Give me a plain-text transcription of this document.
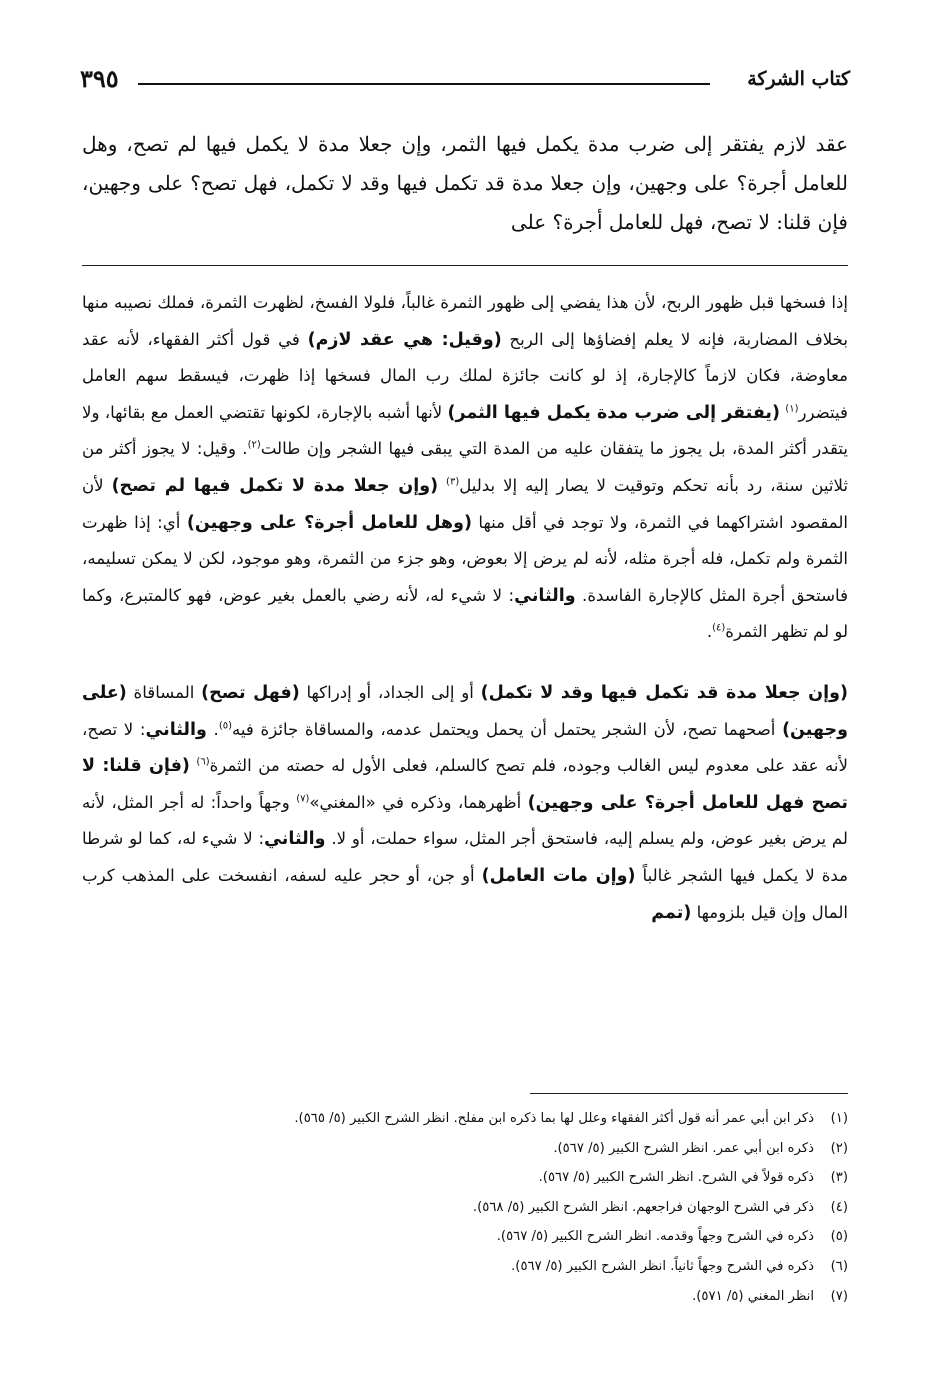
كتاب الشركة
٣٩٥

عقد لازم يفتقر إلى ضرب مدة يكمل فيها الثمر، وإن جعلا مدة لا يكمل فيها لم تصح، وهل للعامل أجرة؟ على وجهين، وإن جعلا مدة قد تكمل فيها وقد لا تكمل، فهل تصح؟ على وجهين، فإن قلنا: لا تصح، فهل للعامل أجرة؟ على

إذا فسخها قبل ظهور الربح، لأن هذا يفضي إلى ظهور الثمرة غالباً، فلولا الفسخ، لظهرت الثمرة، فملك نصيبه منها بخلاف المضاربة، فإنه لا يعلم إفضاؤها إلى الربح (وقيل: هي عقد لازم) في قول أكثر الفقهاء، لأنه عقد معاوضة، فكان لازماً كالإجارة، إذ لو كانت جائزة لملك رب المال فسخها إذا ظهرت، فيسقط سهم العامل فيتضرر$^{(١)}$ (يفتقر إلى ضرب مدة يكمل فيها الثمر) لأنها أشبه بالإجارة، لكونها تقتضي العمل مع بقائها، ولا يتقدر أكثر المدة، بل يجوز ما يتفقان عليه من المدة التي يبقى فيها الشجر وإن طالت$^{(٢)}$. وقيل: لا يجوز أكثر من ثلاثين سنة، رد بأنه تحكم وتوقيت لا يصار إليه إلا بدليل$^{(٣)}$ (وإن جعلا مدة لا تكمل فيها لم تصح) لأن المقصود اشتراكهما في الثمرة، ولا توجد في أقل منها (وهل للعامل أجرة؟ على وجهين) أي: إذا ظهرت الثمرة ولم تكمل، فله أجرة مثله، لأنه لم يرض إلا بعوض، وهو جزء من الثمرة، وهو موجود، لكن لا يمكن تسليمه، فاستحق أجرة المثل كالإجارة الفاسدة. والثاني: لا شيء له، لأنه رضي بالعمل بغير عوض، فهو كالمتبرع، وكما لو لم تظهر الثمرة$^{(٤)}$.

(وإن جعلا مدة قد تكمل فيها وقد لا تكمل) أو إلى الجداد، أو إدراكها (فهل تصح) المساقاة (على وجهين) أصحهما تصح، لأن الشجر يحتمل أن يحمل ويحتمل عدمه، والمساقاة جائزة فيه$^{(٥)}$. والثاني: لا تصح، لأنه عقد على معدوم ليس الغالب وجوده، فلم تصح كالسلم، فعلى الأول له حصته من الثمرة$^{(٦)}$ (فإن قلنا: لا تصح فهل للعامل أجرة؟ على وجهين) أظهرهما، وذكره في «المغني»$^{(٧)}$ وجهاً واحداً: له أجر المثل، لأنه لم يرض بغير عوض، ولم يسلم إليه، فاستحق أجر المثل، سواء حملت، أو لا. والثاني: لا شيء له، كما لو شرطا مدة لا يكمل فيها الشجر غالباً (وإن مات العامل) أو جن، أو حجر عليه لسفه، انفسخت على المذهب كرب المال وإن قيل بلزومها (تمم

(١)ذكر ابن أبي عمر أنه قول أكثر الفقهاء وعلل لها بما ذكره ابن مفلح. انظر الشرح الكبير (٥/ ٥٦٥).
(٢)ذكره ابن أبي عمر. انظر الشرح الكبير (٥/ ٥٦٧).
(٣)ذكره قولاً في الشرح. انظر الشرح الكبير (٥/ ٥٦٧).
(٤)ذكر في الشرح الوجهان فراجعهم. انظر الشرح الكبير (٥/ ٥٦٨).
(٥)ذكره في الشرح وجهاً وقدمه. انظر الشرح الكبير (٥/ ٥٦٧).
(٦)ذكره في الشرح وجهاً ثانياً. انظر الشرح الكبير (٥/ ٥٦٧).
(٧)انظر المغني (٥/ ٥٧١).
